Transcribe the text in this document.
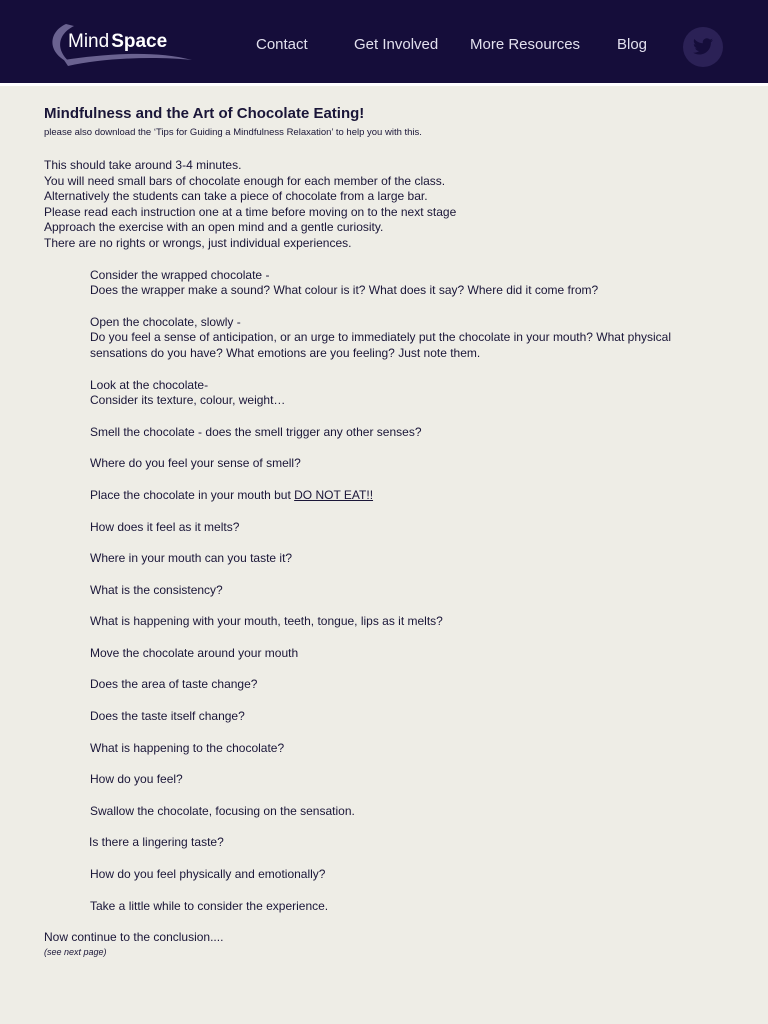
Mind Space	Contact	Get Involved More Resources Blog
Mindfulness and the Art of Chocolate Eating!

please also download the ‘Tips for Guiding a Mindfulness Relaxation’ to help you with this.

This should take around 3-4 minutes.
You will need small bars of chocolate enough for each member of the class.
Alternatively the students can take a piece of chocolate from a large bar.
Please read each instruction one at a time before moving on to the next stage
Approach the exercise with an open mind and a gentle curiosity.
There are no rights or wrongs, just individual experiences.
Consider the wrapped chocolate -
Does the wrapper make a sound? What colour is it? What does it say? Where did it come from?
Open the chocolate, slowly -
Do you feel a sense of anticipation, or an urge to immediately put the chocolate in your mouth? What physical sensations do you have? What emotions are you feeling? Just note them.
Look at the chocolate-
Consider its texture, colour, weight…
Smell the chocolate - does the smell trigger any other senses?
Where do you feel your sense of smell?
Place the chocolate in your mouth but DO NOT EAT!!
How does it feel as it melts?
Where in your mouth can you taste it?
What is the consistency?
What is happening with your mouth, teeth, tongue, lips as it melts?
Move the chocolate around your mouth
Does the area of taste change?
Does the taste itself change?
What is happening to the chocolate?
How do you feel?
Swallow the chocolate, focusing on the sensation.
Is there a lingering taste?
How do you feel physically and emotionally?
Take a little while to consider the experience.
Now continue to the conclusion....
(see next page)
